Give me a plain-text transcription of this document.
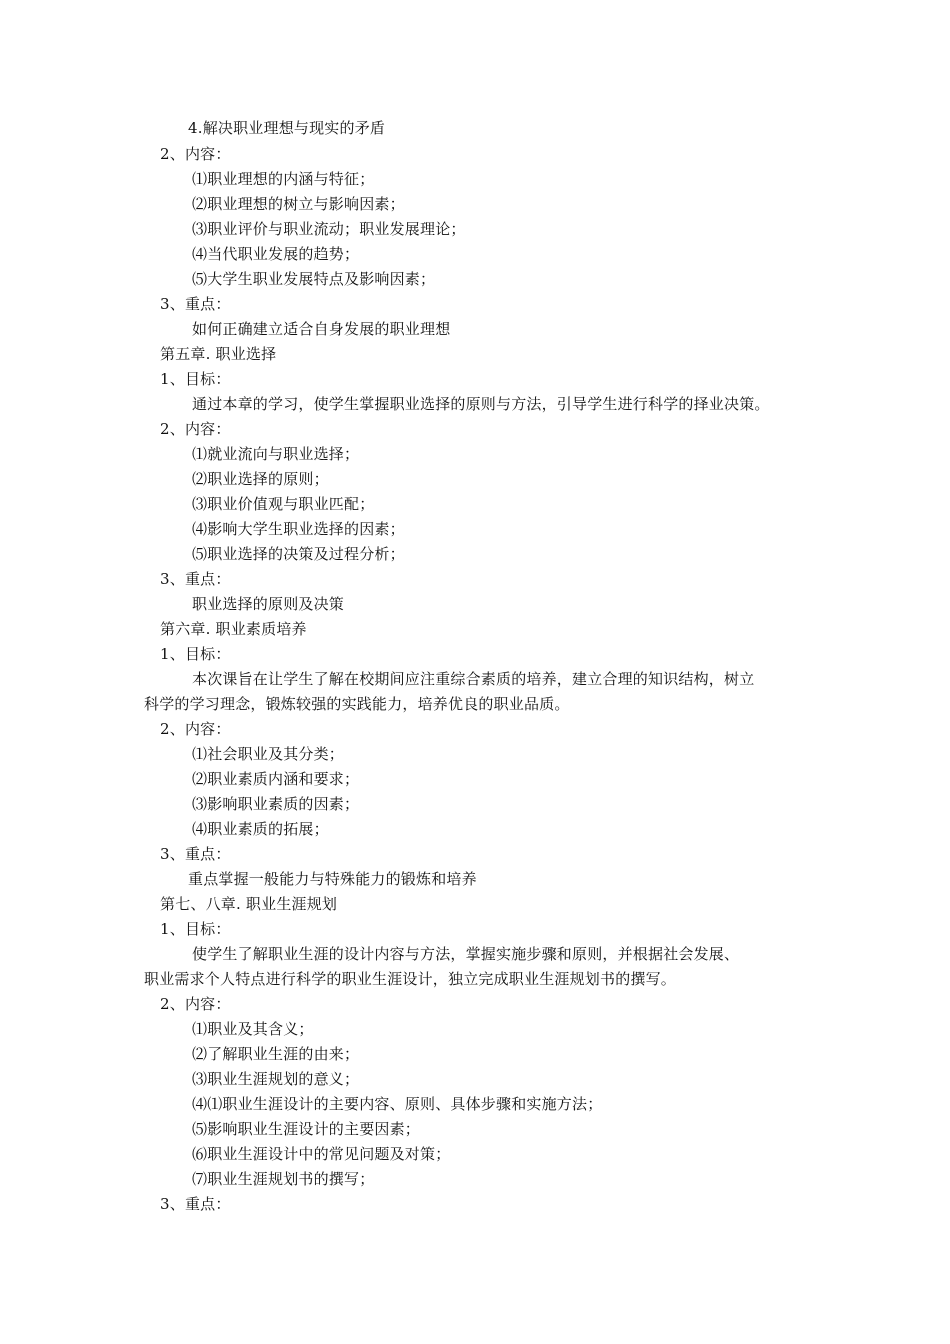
4.解决职业理想与现实的矛盾
2、内容：
⑴职业理想的内涵与特征；
⑵职业理想的树立与影响因素；
⑶职业评价与职业流动；职业发展理论；
⑷当代职业发展的趋势；
⑸大学生职业发展特点及影响因素；
3、重点：
如何正确建立适合自身发展的职业理想
第五章. 职业选择
1、目标：
通过本章的学习，使学生掌握职业选择的原则与方法，引导学生进行科学的择业决策。
2、内容：
⑴就业流向与职业选择；
⑵职业选择的原则；
⑶职业价值观与职业匹配；
⑷影响大学生职业选择的因素；
⑸职业选择的决策及过程分析；
3、重点：
职业选择的原则及决策
第六章. 职业素质培养
1、目标：
本次课旨在让学生了解在校期间应注重综合素质的培养，建立合理的知识结构，树立
科学的学习理念，锻炼较强的实践能力，培养优良的职业品质。
2、内容：
⑴社会职业及其分类；
⑵职业素质内涵和要求；
⑶影响职业素质的因素；
⑷职业素质的拓展；
3、重点：
重点掌握一般能力与特殊能力的锻炼和培养
第七、八章. 职业生涯规划
1、目标：
使学生了解职业生涯的设计内容与方法，掌握实施步骤和原则，并根据社会发展、
职业需求个人特点进行科学的职业生涯设计，独立完成职业生涯规划书的撰写。
2、内容：
⑴职业及其含义；
⑵了解职业生涯的由来；
⑶职业生涯规划的意义；
⑷⑴职业生涯设计的主要内容、原则、具体步骤和实施方法；
⑸影响职业生涯设计的主要因素；
⑹职业生涯设计中的常见问题及对策；
⑺职业生涯规划书的撰写；
3、重点：
